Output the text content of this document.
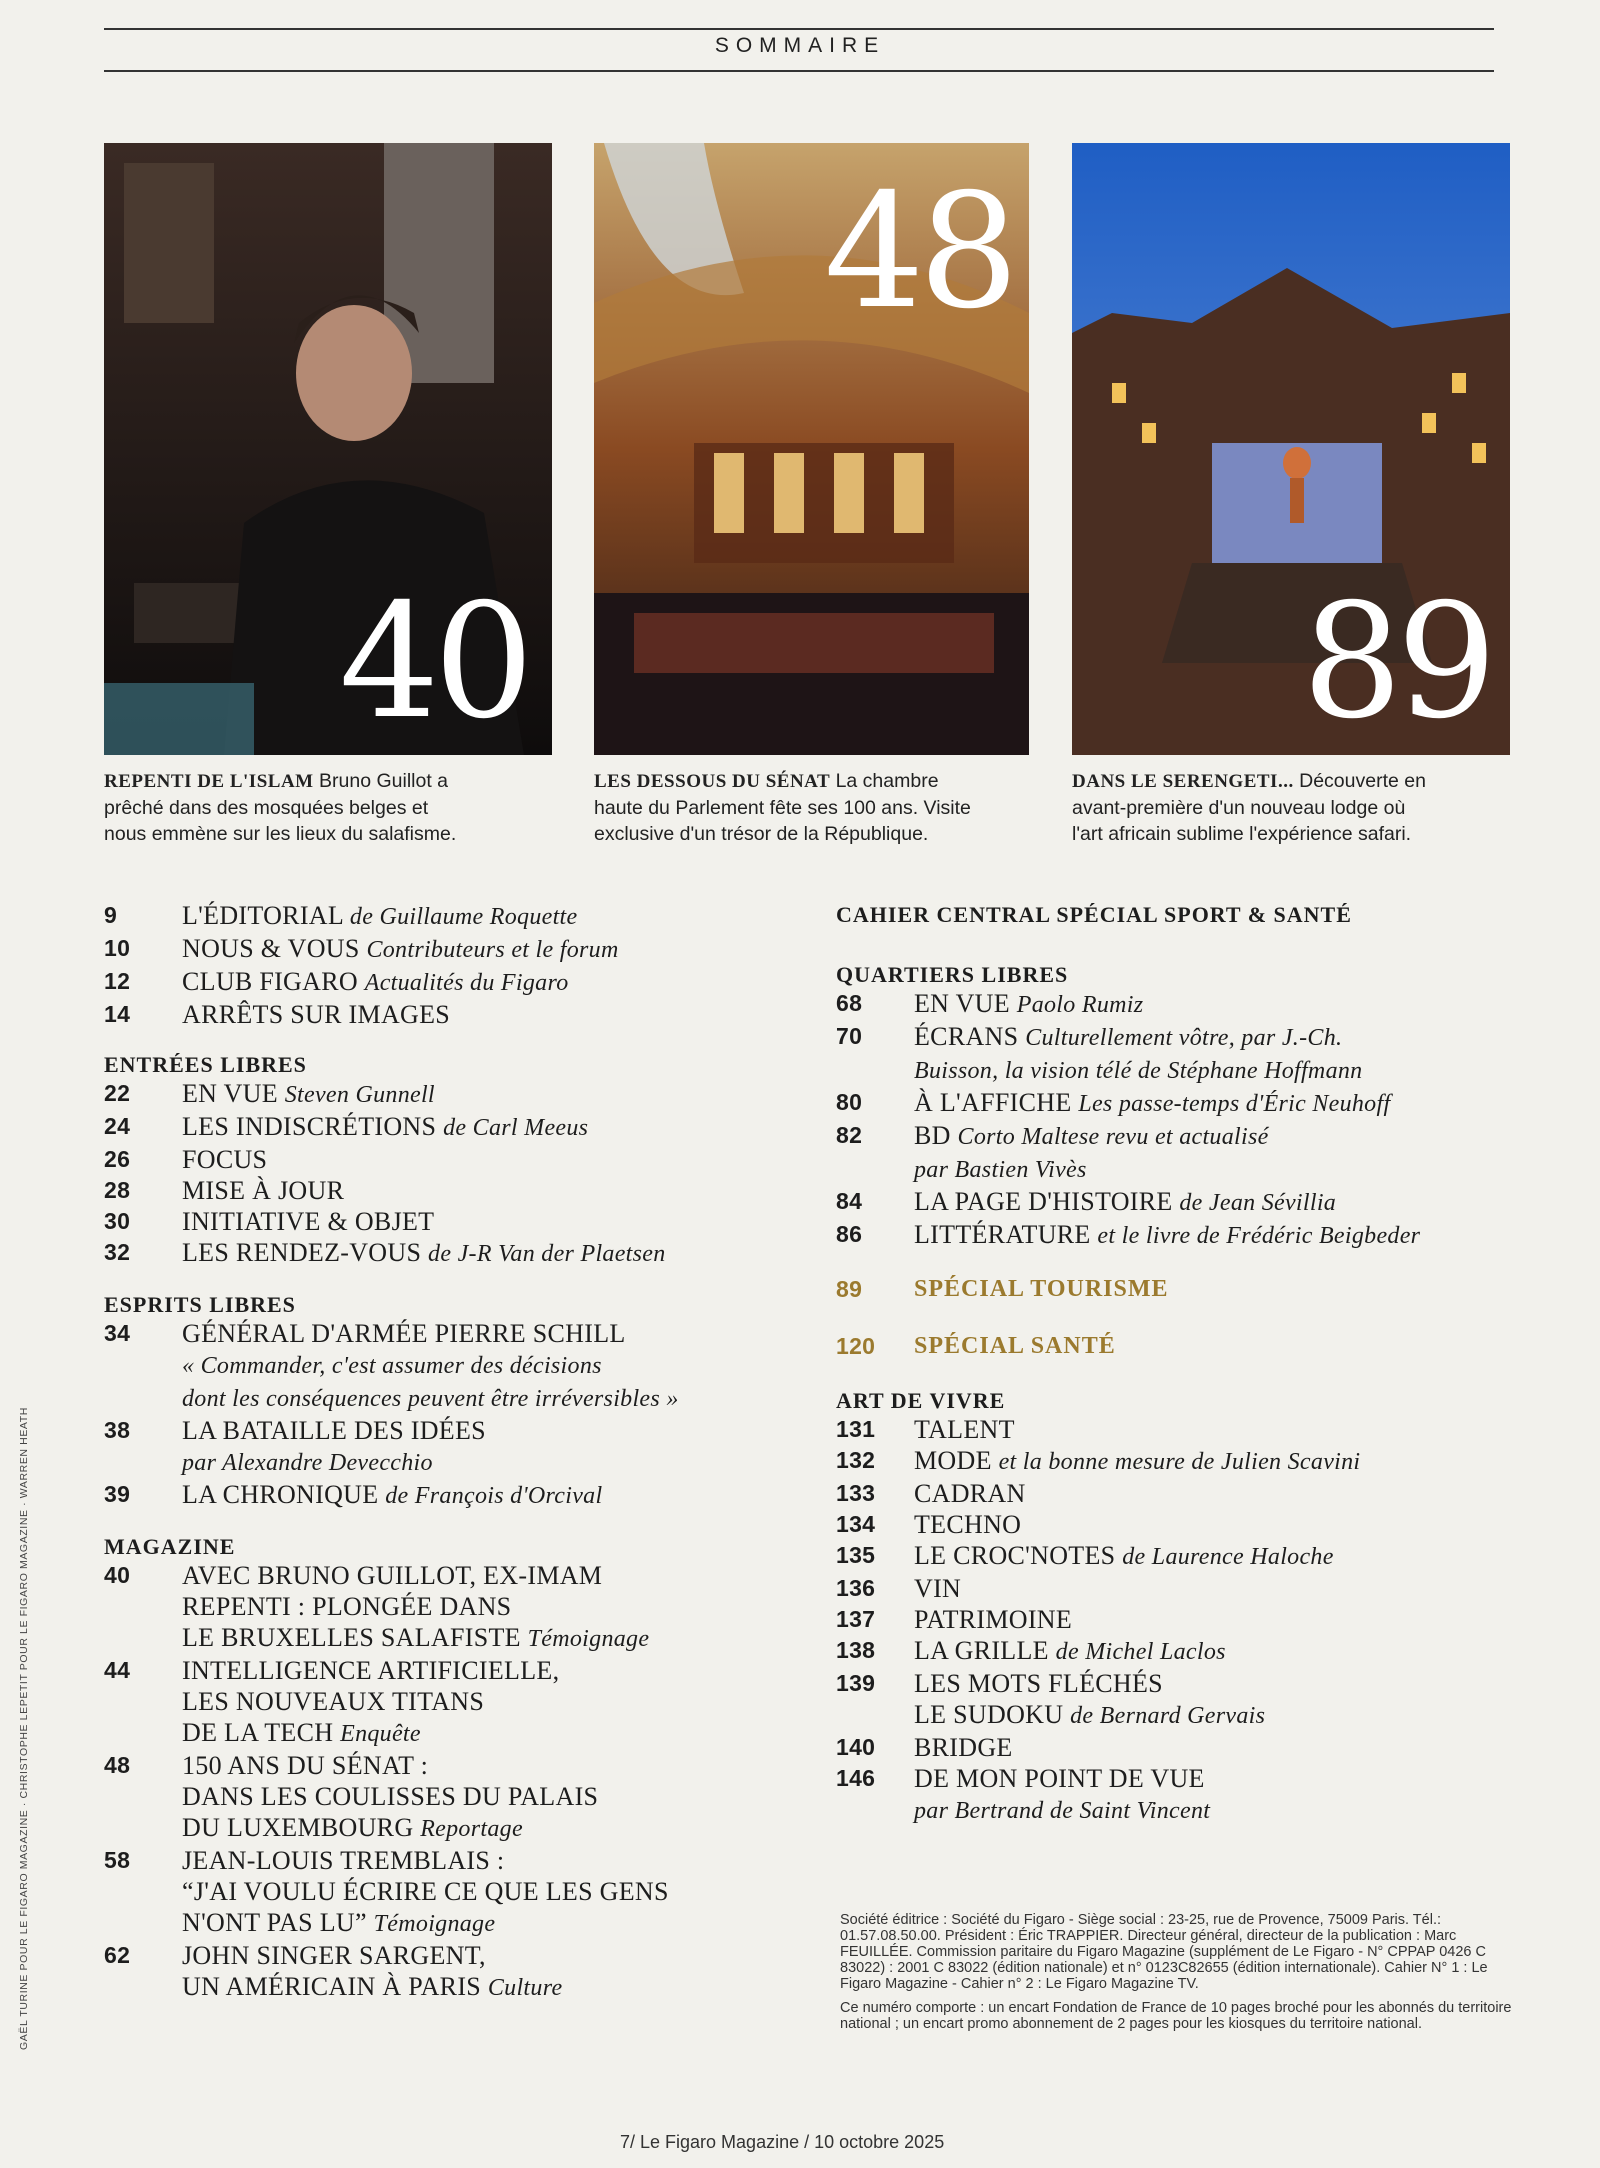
SOMMAIRE
40
48
89
REPENTI DE L'ISLAM Bruno Guillot a
prêché dans des mosquées belges et
nous emmène sur les lieux du salafisme.
LES DESSOUS DU SÉNAT La chambre
haute du Parlement fête ses 100 ans. Visite
exclusive d'un trésor de la République.
DANS LE SERENGETI... Découverte en
avant-première d'un nouveau lodge où
l'art africain sublime l'expérience safari.
9	L'ÉDITORIAL de Guillaume Roquette
10	NOUS & VOUS Contributeurs et le forum
12	CLUB FIGARO Actualités du Figaro
14	ARRÊTS SUR IMAGES
ENTRÉES LIBRES
22	EN VUE Steven Gunnell
24	LES INDISCRÉTIONS de Carl Meeus
26	FOCUS
28	MISE À JOUR
30	INITIATIVE & OBJET
32	LES RENDEZ-VOUS de J-R Van der Plaetsen
ESPRITS LIBRES
34	GÉNÉRAL D'ARMÉE PIERRE SCHILL
« Commander, c'est assumer des décisions
dont les conséquences peuvent être irréversibles »
38	LA BATAILLE DES IDÉES
par Alexandre Devecchio
39	LA CHRONIQUE de François d'Orcival
MAGAZINE
40	AVEC BRUNO GUILLOT, EX-IMAM
REPENTI : PLONGÉE DANS
LE BRUXELLES SALAFISTE Témoignage
44	INTELLIGENCE ARTIFICIELLE,
LES NOUVEAUX TITANS
DE LA TECH Enquête
48	150 ANS DU SÉNAT :
DANS LES COULISSES DU PALAIS
DU LUXEMBOURG Reportage
58	JEAN-LOUIS TREMBLAIS :
“J'AI VOULU ÉCRIRE CE QUE LES GENS
N'ONT PAS LU” Témoignage
62	JOHN SINGER SARGENT,
UN AMÉRICAIN À PARIS Culture
CAHIER CENTRAL SPÉCIAL SPORT & SANTÉ
QUARTIERS LIBRES
68	EN VUE Paolo Rumiz
70	ÉCRANS Culturellement vôtre, par J.-Ch.
Buisson, la vision télé de Stéphane Hoffmann
80	À L'AFFICHE Les passe-temps d'Éric Neuhoff
82	BD Corto Maltese revu et actualisé
par Bastien Vivès
84	LA PAGE D'HISTOIRE de Jean Sévillia
86	LITTÉRATURE et le livre de Frédéric Beigbeder
89	SPÉCIAL TOURISME
120	SPÉCIAL SANTÉ
ART DE VIVRE
131	TALENT
132	MODE et la bonne mesure de Julien Scavini
133	CADRAN
134	TECHNO
135	LE CROC'NOTES de Laurence Haloche
136	VIN
137	PATRIMOINE
138	LA GRILLE de Michel Laclos
139	LES MOTS FLÉCHÉS
LE SUDOKU de Bernard Gervais
140	BRIDGE
146	DE MON POINT DE VUE
par Bertrand de Saint Vincent
Société éditrice : Société du Figaro - Siège social : 23-25, rue de Provence, 75009 Paris. Tél.: 01.57.08.50.00. Président : Éric TRAPPIER. Directeur général, directeur de la publication : Marc FEUILLÉE. Commission paritaire du Figaro Magazine (supplément de Le Figaro - N° CPPAP 0426 C 83022) : 2001 C 83022 (édition nationale) et n° 0123C82655 (édition internationale). Cahier N° 1 : Le Figaro Magazine - Cahier n° 2 : Le Figaro Magazine TV.
Ce numéro comporte : un encart Fondation de France de 10 pages broché pour les abonnés du territoire national ; un encart promo abonnement de 2 pages pour les kiosques du territoire national.
GAËL TURINE POUR LE FIGARO MAGAZINE · CHRISTOPHE LEPETIT POUR LE FIGARO MAGAZINE · WARREN HEATH
7/ Le Figaro Magazine / 10 octobre 2025
